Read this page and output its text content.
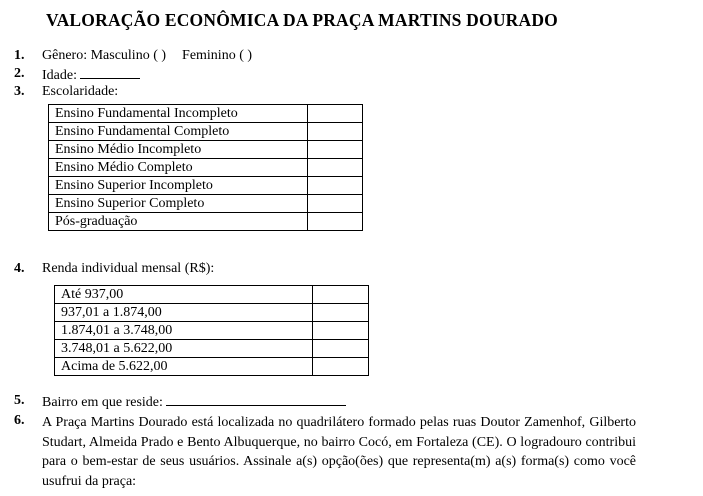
VALORAÇÃO ECONÔMICA DA PRAÇA MARTINS DOURADO
1. Gênero: Masculino ( ) Feminino ( )
2. Idade:
3. Escolaridade:
Ensino Fundamental Incompleto	
Ensino Fundamental Completo	
Ensino Médio Incompleto	
Ensino Médio Completo	
Ensino Superior Incompleto	
Ensino Superior Completo	
Pós-graduação	
4. Renda individual mensal (R$):
Até 937,00	
937,01 a 1.874,00	
1.874,01 a 3.748,00	
3.748,01 a 5.622,00	
Acima de 5.622,00	
5. Bairro em que reside:
6. A Praça Martins Dourado está localizada no quadrilátero formado pelas ruas Doutor Zamenhof, Gilberto Studart, Almeida Prado e Bento Albuquerque, no bairro Cocó, em Fortaleza (CE). O logradouro contribui para o bem-estar de seus usuários. Assinale a(s) opção(ões) que representa(m) a(s) forma(s) como você usufrui da praça:
